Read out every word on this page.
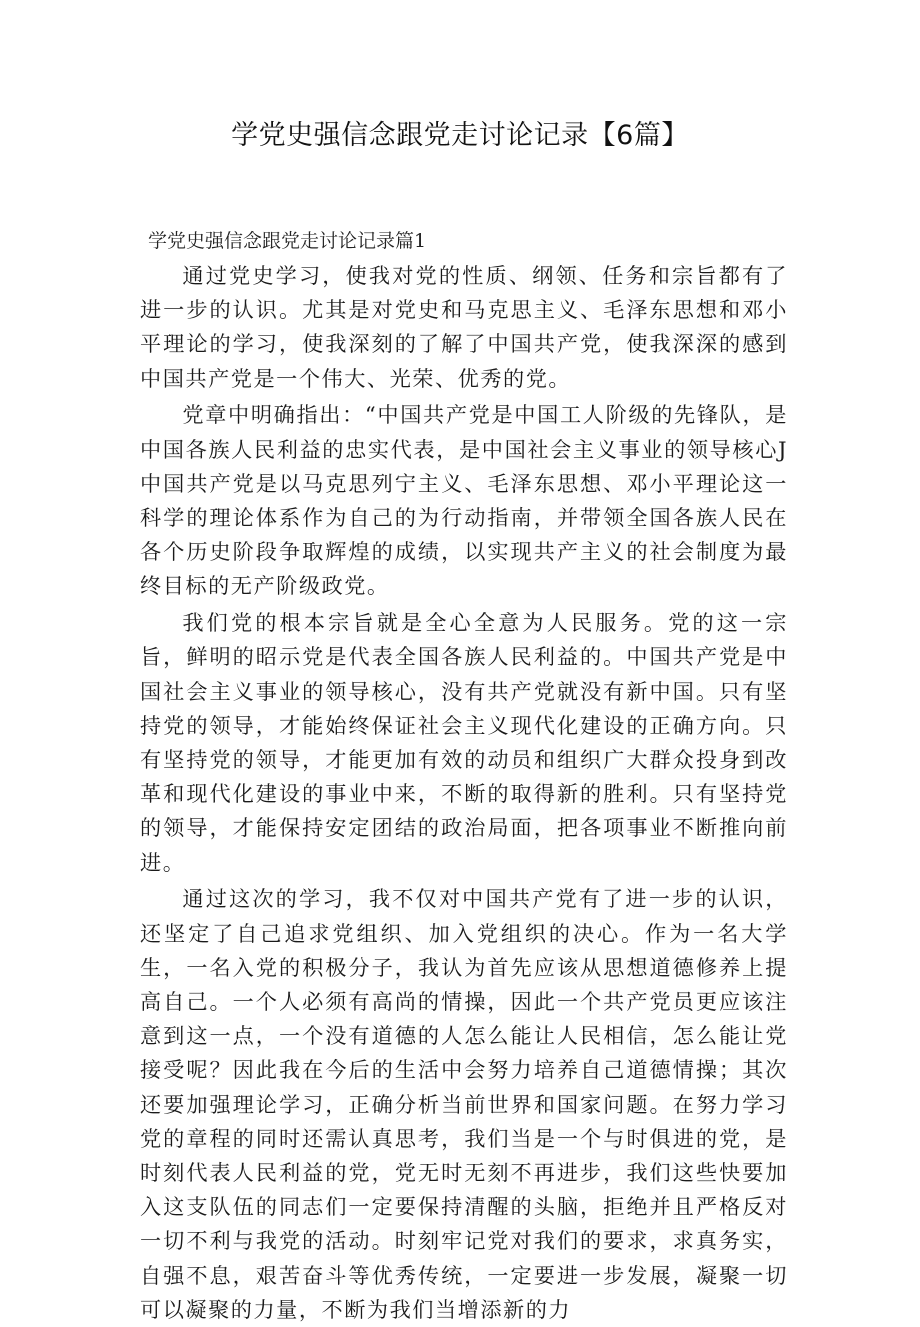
学党史强信念跟党走讨论记录【6篇】
学党史强信念跟党走讨论记录篇1

通过党史学习，使我对党的性质、纲领、任务和宗旨都有了进一步的认识。尤其是对党史和马克思主义、毛泽东思想和邓小平理论的学习，使我深刻的了解了中国共产党，使我深深的感到中国共产党是一个伟大、光荣、优秀的党。

党章中明确指出：“中国共产党是中国工人阶级的先锋队，是中国各族人民利益的忠实代表，是中国社会主义事业的领导核心J中国共产党是以马克思列宁主义、毛泽东思想、邓小平理论这一科学的理论体系作为自己的为行动指南，并带领全国各族人民在各个历史阶段争取辉煌的成绩，以实现共产主义的社会制度为最终目标的无产阶级政党。

我们党的根本宗旨就是全心全意为人民服务。党的这一宗旨，鲜明的昭示党是代表全国各族人民利益的。中国共产党是中国社会主义事业的领导核心，没有共产党就没有新中国。只有坚持党的领导，才能始终保证社会主义现代化建设的正确方向。只有坚持党的领导，才能更加有效的动员和组织广大群众投身到改革和现代化建设的事业中来，不断的取得新的胜利。只有坚持党的领导，才能保持安定团结的政治局面，把各项事业不断推向前进。

通过这次的学习，我不仅对中国共产党有了进一步的认识，还坚定了自己追求党组织、加入党组织的决心。作为一名大学生，一名入党的积极分子，我认为首先应该从思想道德修养上提高自己。一个人必须有高尚的情操，因此一个共产党员更应该注意到这一点，一个没有道德的人怎么能让人民相信，怎么能让党接受呢？因此我在今后的生活中会努力培养自己道德情操；其次还要加强理论学习，正确分析当前世界和国家问题。在努力学习党的章程的同时还需认真思考，我们当是一个与时俱进的党，是时刻代表人民利益的党，党无时无刻不再进步，我们这些快要加入这支队伍的同志们一定要保持清醒的头脑，拒绝并且严格反对一切不利与我党的活动。时刻牢记党对我们的要求，求真务实，自强不息，艰苦奋斗等优秀传统，一定要进一步发展，凝聚一切可以凝聚的力量，不断为我们当增添新的力
